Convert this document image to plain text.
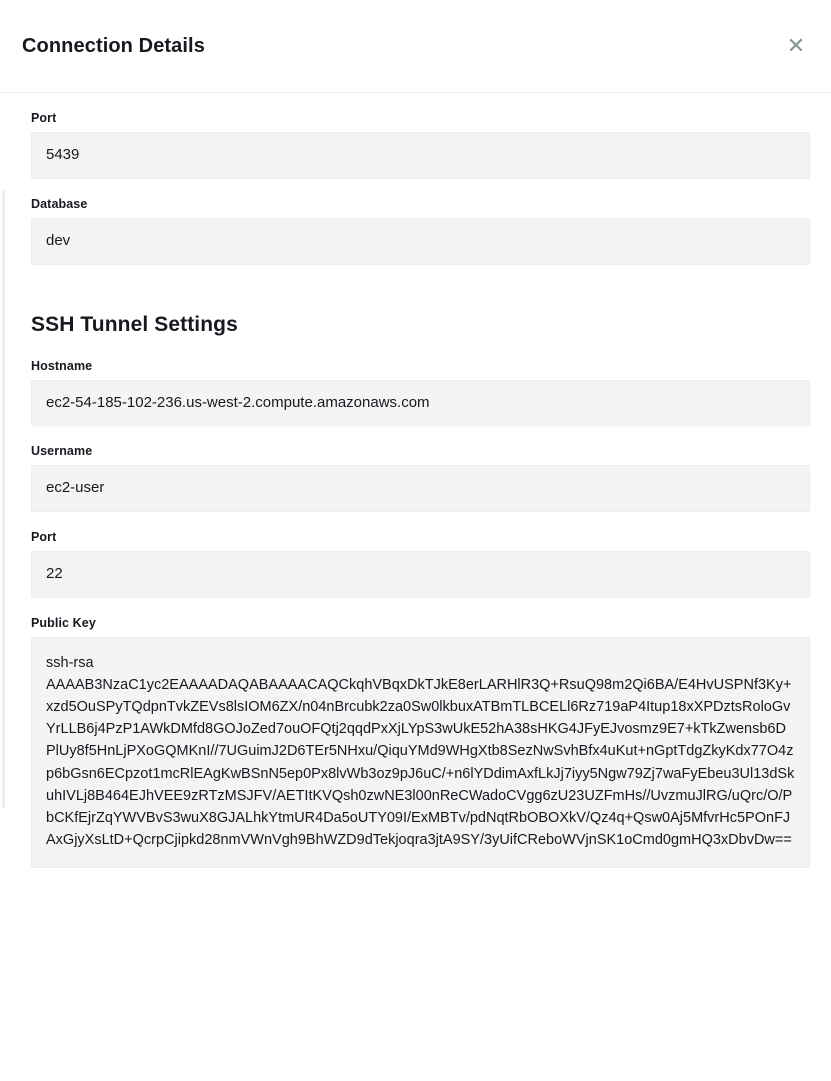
Connection Details	✕
Port
5439
Database
dev
SSH Tunnel Settings
Hostname
ec2-54-185-102-236.us-west-2.compute.amazonaws.com
Username
ec2-user
Port
22
Public Key
ssh-rsa
AAAAB3NzaC1yc2EAAAADAQABAAAACAQCkqhVBqxDkTJkE8erLARHlR3Q+RsuQ98m2Qi6BA/E4HvUSPNf3Ky+xzd5OuSPyTQdpnTvkZEVs8lsIOM6ZX/n04nBrcubk2za0Sw0lkbuxATBmTLBCELl6Rz719aP4Itup18xXPDztsRoloGvYrLLB6j4PzP1AWkDMfd8GOJoZed7ouOFQtj2qqdPxXjLYpS3wUkE52hA38sHKG4JFyEJvosmz9E7+kTkZwensb6DPlUy8f5HnLjPXoGQMKnI//7UGuimJ2D6TEr5NHxu/QiquYMd9WHgXtb8SezNwSvhBfx4uKut+nGptTdgZkyKdx77O4zp6bGsn6ECpzot1mcRlEAgKwBSnN5ep0Px8lvWb3oz9pJ6uC/+n6lYDdimAxfLkJj7iyy5Ngw79Zj7waFyEbeu3Ul13dSkuhIVLj8B464EJhVEE9zRTzMSJFV/AETItKVQsh0zwNE3l00nReCWadoCVgg6zU23UZFmHs//UvzmuJlRG/uQrc/O/PbCKfEjrZqYWVBvS3wuX8GJALhkYtmUR4Da5oUTY09I/ExMBTv/pdNqtRbOBOXkV/Qz4q+Qsw0Aj5MfvrHc5POnFJAxGjyXsLtD+QcrpCjipkd28nmVWnVgh9BhWZD9dTekjoqra3jtA9SY/3yUifCReboWVjnSK1oCmd0gmHQ3xDbvDw==
